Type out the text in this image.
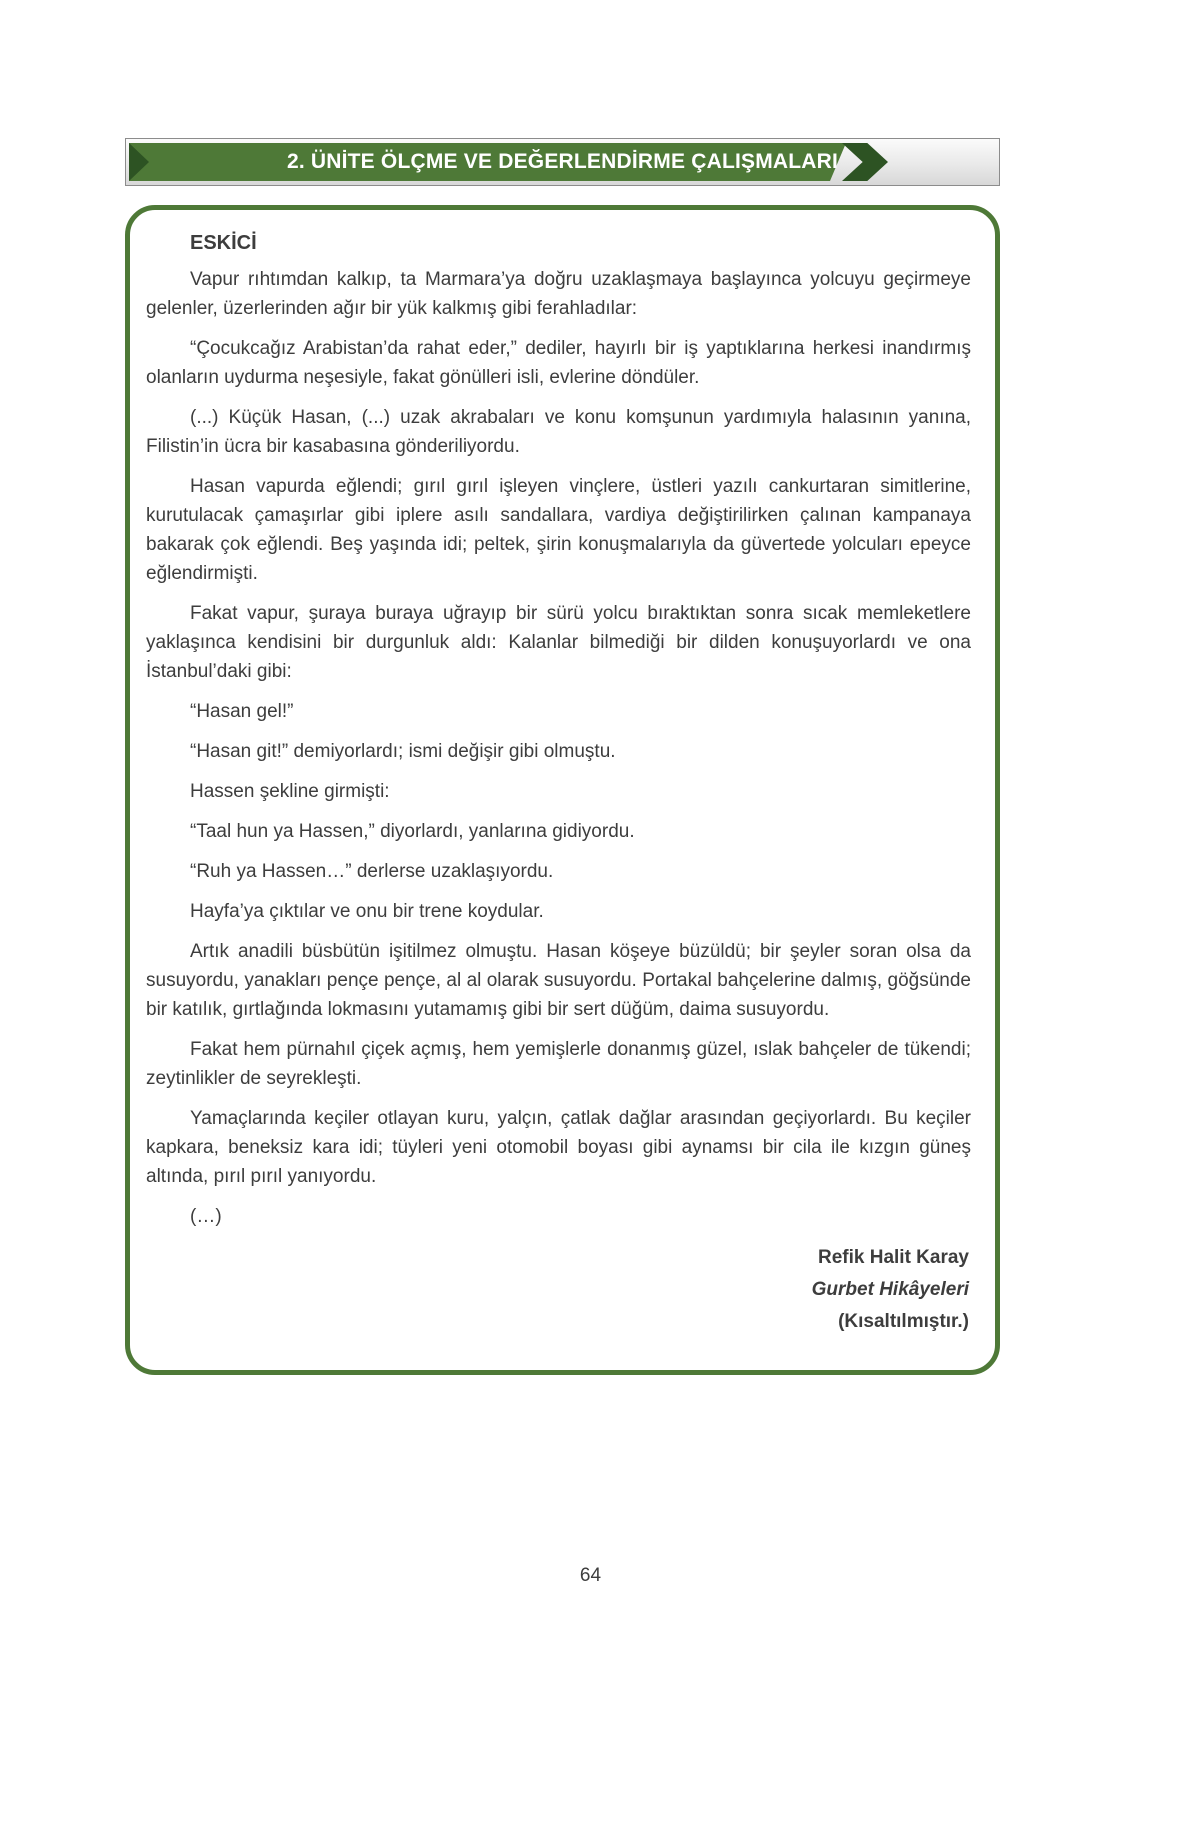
2. ÜNİTE ÖLÇME VE DEĞERLENDİRME ÇALIŞMALARI
ESKİCİ

Vapur rıhtımdan kalkıp, ta Marmara’ya doğru uzaklaşmaya başlayınca yolcuyu geçirmeye gelenler, üzerlerinden ağır bir yük kalkmış gibi ferahladılar:

“Çocukcağız Arabistan’da rahat eder,” dediler, hayırlı bir iş yaptıklarına herkesi inandırmış olanların uydurma neşesiyle, fakat gönülleri isli, evlerine döndüler.

(...) Küçük Hasan, (...) uzak akrabaları ve konu komşunun yardımıyla halasının yanına, Filistin’in ücra bir kasabasına gönderiliyordu.

Hasan vapurda eğlendi; gırıl gırıl işleyen vinçlere, üstleri yazılı cankurtaran simitlerine, kurutulacak çamaşırlar gibi iplere asılı sandallara, vardiya değiştirilirken çalınan kampanaya bakarak çok eğlendi. Beş yaşında idi; peltek, şirin konuşmalarıyla da güvertede yolcuları epeyce eğlendirmişti.

Fakat vapur, şuraya buraya uğrayıp bir sürü yolcu bıraktıktan sonra sıcak memleketlere yaklaşınca kendisini bir durgunluk aldı: Kalanlar bilmediği bir dilden konuşuyorlardı ve ona İstanbul’daki gibi:

“Hasan gel!”

“Hasan git!” demiyorlardı; ismi değişir gibi olmuştu.

Hassen şekline girmişti:

“Taal hun ya Hassen,” diyorlardı, yanlarına gidiyordu.

“Ruh ya Hassen…” derlerse uzaklaşıyordu.

Hayfa’ya çıktılar ve onu bir trene koydular.

Artık anadili büsbütün işitilmez olmuştu. Hasan köşeye büzüldü; bir şeyler soran olsa da susuyordu, yanakları pençe pençe, al al olarak susuyordu. Portakal bahçelerine dalmış, göğsünde bir katılık, gırtlağında lokmasını yutamamış gibi bir sert düğüm, daima susuyordu.

Fakat hem pürnahıl çiçek açmış, hem yemişlerle donanmış güzel, ıslak bahçeler de tükendi; zeytinlikler de seyrekleşti.

Yamaçlarında keçiler otlayan kuru, yalçın, çatlak dağlar arasından geçiyorlardı. Bu keçiler kapkara, beneksiz kara idi; tüyleri yeni otomobil boyası gibi aynamsı bir cila ile kızgın güneş altında, pırıl pırıl yanıyordu.

(…)

Refik Halit Karay
Gurbet Hikâyeleri
(Kısaltılmıştır.)
64
